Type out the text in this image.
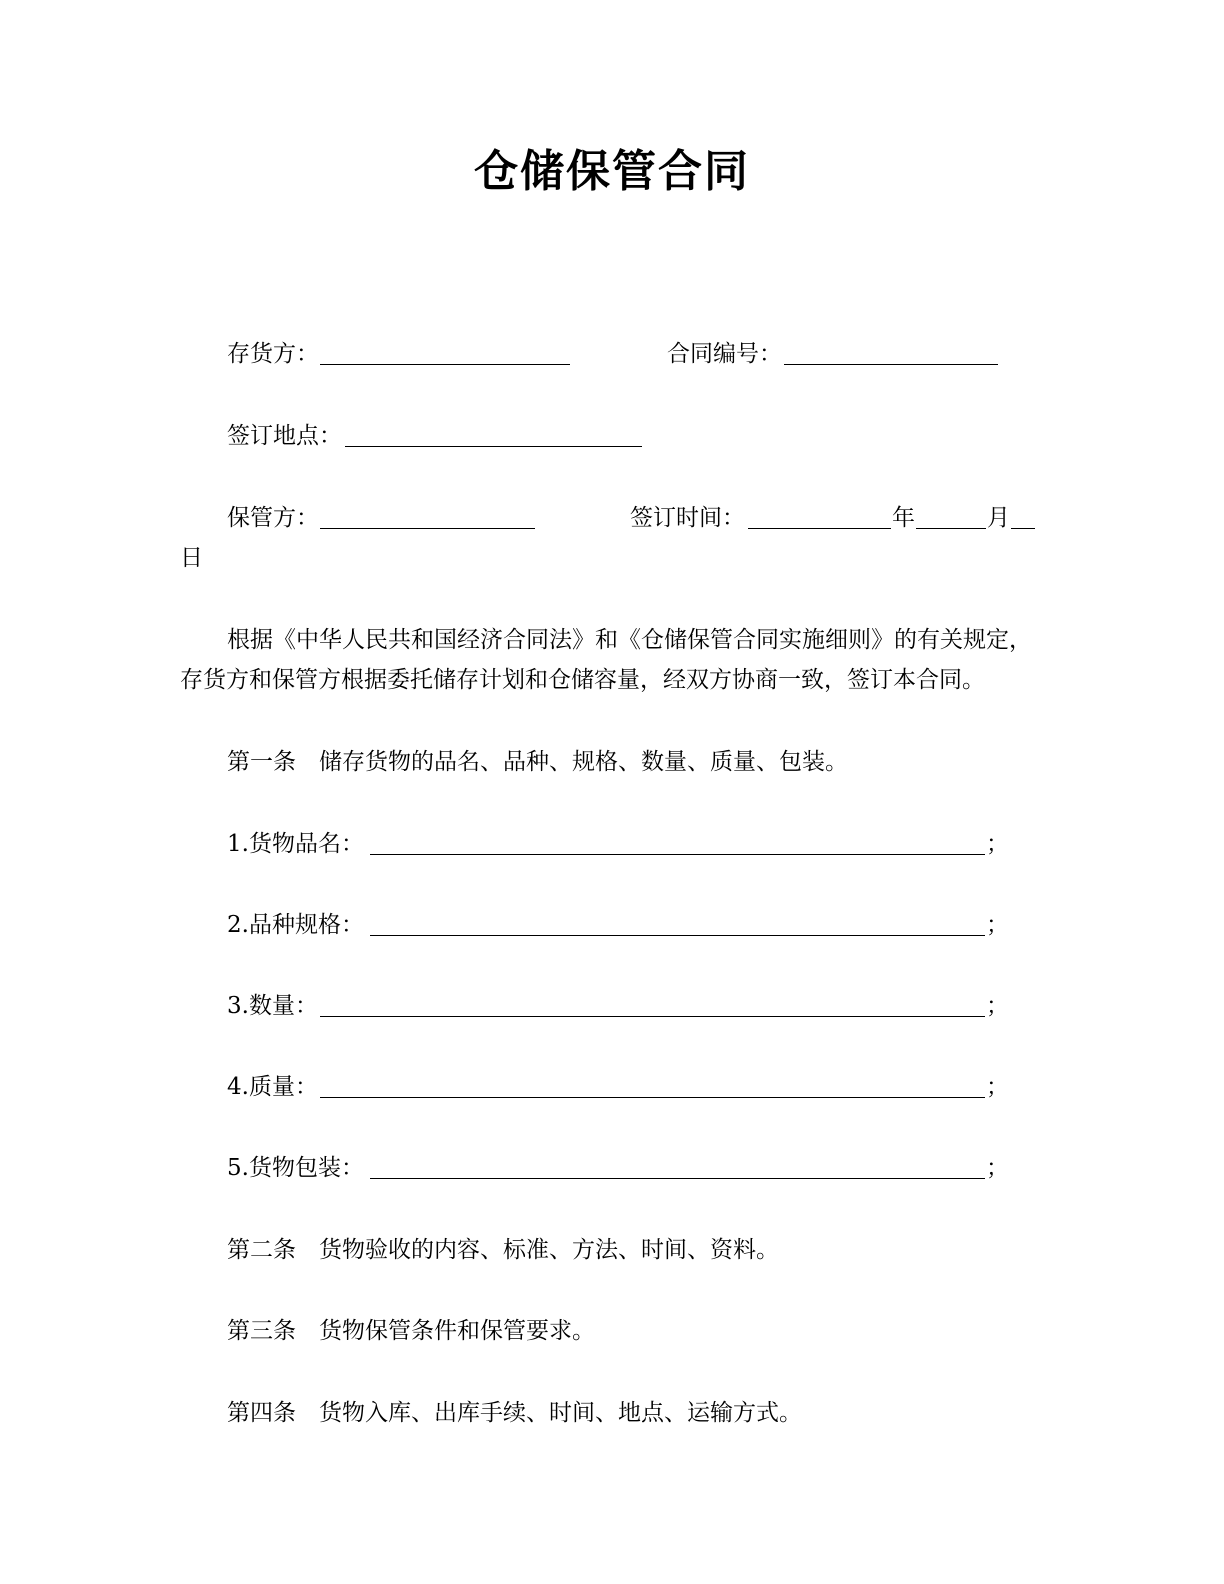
仓储保管合同
存货方：	合同编号：
签订地点：
保管方：	签订时间：	年	月
日
根据《中华人民共和国经济合同法》和《仓储保管合同实施细则》的有关规定，
存货方和保管方根据委托储存计划和仓储容量，经双方协商一致，签订本合同。
第一条　储存货物的品名、品种、规格、数量、质量、包装。
1.货物品名：	；
2.品种规格：	；
3.数量：	；
4.质量：	；
5.货物包装：	；
第二条　货物验收的内容、标准、方法、时间、资料。
第三条　货物保管条件和保管要求。
第四条　货物入库、出库手续、时间、地点、运输方式。
